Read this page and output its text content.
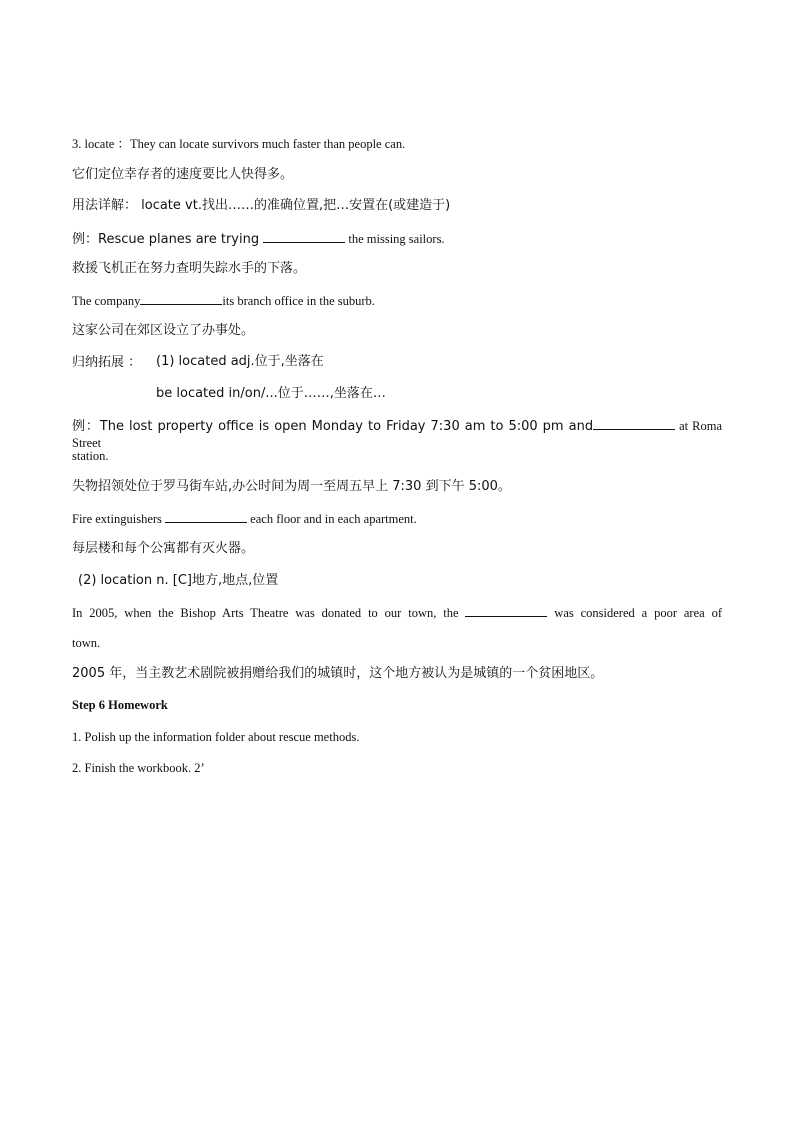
3. locate ：They can locate survivors much faster than people can.
它们定位幸存者的速度要比人快得多。
用法详解： locate vt.找出……的准确位置,把…安置在(或建造于)
例：Rescue planes are trying	the missing sailors.
救援飞机正在努力查明失踪水手的下落。
The company	its branch office in the suburb.
这家公司在郊区设立了办事处。
归纳拓展 ： (1) located adj.位于,坐落在
be located in/on/...位于……,坐落在…
例：The lost property office is open Monday to Friday 7:30 am to 5:00 pm and	at Roma Street
station.
失物招领处位于罗马街车站,办公时间为周一至周五早上 7:30 到下午 5:00。
Fire extinguishers	each floor and in each apartment.
每层楼和每个公寓都有灭火器。
(2) location n. [C]地方,地点,位置
In 2005, when the Bishop Arts Theatre was donated to our town, the	was considered a poor area of
town.
2005 年，当主教艺术剧院被捐赠给我们的城镇时，这个地方被认为是城镇的一个贫困地区。
Step 6 Homework
1. Polish up the information folder about rescue methods.
2. Finish the workbook. 2’
